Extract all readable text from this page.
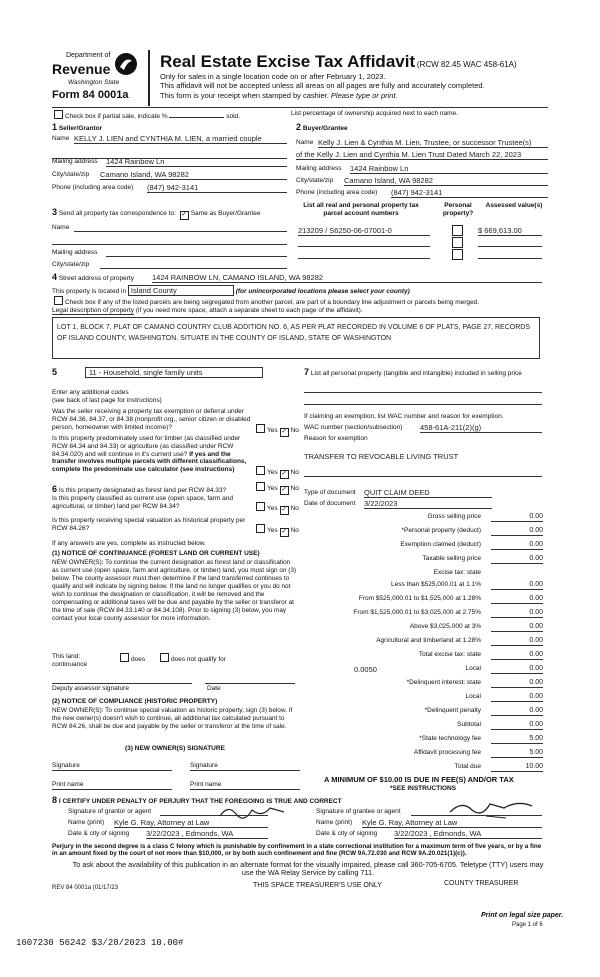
Department of
Revenue
Washington State
Form 84 0001a
Real Estate Excise Tax Affidavit (RCW 82.45 WAC 458-61A)
Only for sales in a single location code on or after February 1, 2023.
This affidavit will not be accepted unless all areas on all pages are fully and accurately completed.
This form is your receipt when stamped by cashier. Please type or print.
Check box if partial sale, indicate %	sold.	List percentage of ownership acquired next to each name.
1 Seller/Grantor
Name KELLY J. LIEN and CYNTHIA M. LIEN, a married couple
Mailing address 1424 Rainbow Ln
City/state/zip Camano Island, WA 98282
Phone (including area code) (847) 942-3141
2 Buyer/Grantee
Name Kelly J. Lien & Cynthia M. Lien, Trustee, or successor Trustee(s)
of the Kelly J. Lien and Cynthia M. Lien Trust Dated March 22, 2023
Mailing address 1424 Rainbow Ln
City/state/zip Camano Island, WA 98282
Phone (including area code) (847) 942-3141
3 Send all property tax correspondence to: ✓ Same as Buyer/Grantee
Name
Mailing address
City/state/zip
List all real and personal property tax parcel account numbers
Personal property?
Assessed value(s)
213209 / S6250-06-07001-0	$ 669,613.00
4 Street address of property 1424 RAINBOW LN, CAMANO ISLAND, WA 98282
This property is located in Island County	(for unincorporated locations please select your county)
Check box if any of the listed parcels are being segregated from another parcel, are part of a boundary line adjustment or parcels being merged.
Legal description of property (if you need more space, attach a separate sheet to each page of the affidavit).
LOT 1, BLOCK 7, PLAT OF CAMANO COUNTRY CLUB ADDITION NO. 6, AS PER PLAT RECORDED IN VOLUME 6 OF PLATS, PAGE 27, RECORDS OF ISLAND COUNTY, WASHINGTON. SITUATE IN THE COUNTY OF ISLAND, STATE OF WASHINGTON
5	11 - Household, single family units
Enter any additional codes
(see back of last page for instructions)
Was the seller receiving a property tax exemption or deferral under RCW 84.36, 84.37, or 84.38 (nonprofit org., senior citizen or disabled person, homeowner with limited income)?	Yes ✓ No
Is this property predominately used for timber (as classified under RCW 84.34 and 84.33) or agriculture (as classified under RCW 84.34.020) and will continue in it's current use? If yes and the transfer involves multiple parcels with different classifications, complete the predominate use calculator (see instructions)	Yes ✓ No
6 Is this property designated as forest land per RCW 84.33?	Yes ✓ No
Is this property classified as current use (open space, farm and agricultural, or timber) land per RCW 84.34?	Yes ✓ No
Is this property receiving special valuation as historical property per RCW 84.26?	Yes ✓ No
If any answers are yes, complete as instructed below.
(1) NOTICE OF CONTINUANCE (FOREST LAND OR CURRENT USE)
NEW OWNER(S): To continue the current designation as forest land or classification as current use (open space, farm and agriculture, or timber) land, you must sign on (3) below. The county assessor must then determine if the land transferred continues to qualify and will indicate by signing below. If the land no longer qualifies or you do not wish to continue the designation or classification, it will be removed and the compensating or additional taxes will be due and payable by the seller or transferor at the time of sale (RCW 84.33.140 or 84.34.108). Prior to signing (3) below, you may contact your local county assessor for more information.
This land:
continuance
does	does not qualify for
Deputy assessor signature	Date
(2) NOTICE OF COMPLIANCE (HISTORIC PROPERTY)
NEW OWNER(S): To continue special valuation as historic property, sign (3) below. If the new owner(s) doesn't wish to continue, all additional tax calculated pursuant to RCW 84.26, shall be due and payable by the seller or transferor at the time of sale.
(3) NEW OWNER(S) SIGNATURE
Signature	Signature
Print name	Print name
7 List all personal property (tangible and intangible) included in selling price
If claiming an exemption, list WAC number and reason for exemption.
WAC number (section/subsection) 458-61A-211(2)(g)
Reason for exemption
TRANSFER TO REVOCABLE LIVING TRUST
Type of document QUIT CLAIM DEED
Date of document 3/22/2023
Gross selling price	0.00
*Personal property (deduct)	0.00
Exemption claimed (deduct)	0.00
Taxable selling price	0.00
Excise tax: state
Less than $525,000.01 at 1.1%	0.00
From $525,000.01 to $1,525,000 at 1.28%	0.00
From $1,525,000.01 to $3,025,000 at 2.75%	0.00
Above $3,025,000 at 3%	0.00
Agricultural and timberland at 1.28%	0.00
Total excise tax: state	0.00
0.0050	Local	0.00
*Delinquent interest: state	0.00
Local	0.00
*Delinquent penalty	0.00
Subtotal	0.00
*State technology fee	5.00
Affidavit processing fee	5.00
Total due	10.00
A MINIMUM OF $10.00 IS DUE IN FEE(S) AND/OR TAX
*SEE INSTRUCTIONS
8 I CERTIFY UNDER PENALTY OF PERJURY THAT THE FOREGOING IS TRUE AND CORRECT
Signature of grantor or agent
Name (print) Kyle G. Ray, Attorney at Law
Date & city of signing 3/22/2023 , Edmonds, WA
Signature of grantee or agent
Name (print) Kyle G. Ray, Attorney at Law
Date & city of signing 3/22/2023 , Edmonds, WA
Perjury in the second degree is a class C felony which is punishable by confinement in a state correctional institution for a maximum term of five years, or by a fine in an amount fixed by the court of not more than $10,000, or by both such confinement and fine (RCW 9A.72.030 and RCW 9A.20.021(1)(c)).
To ask about the availability of this publication in an alternate format for the visually impaired, please call 360-705-6705. Teletype (TTY) users may use the WA Relay Service by calling 711.
REV 84 0001a (01/17/23	THIS SPACE TREASURER'S USE ONLY	COUNTY TREASURER
Print on legal size paper.
Page 1 of 6
1607230 56242 $3/28/2023 10.00#
